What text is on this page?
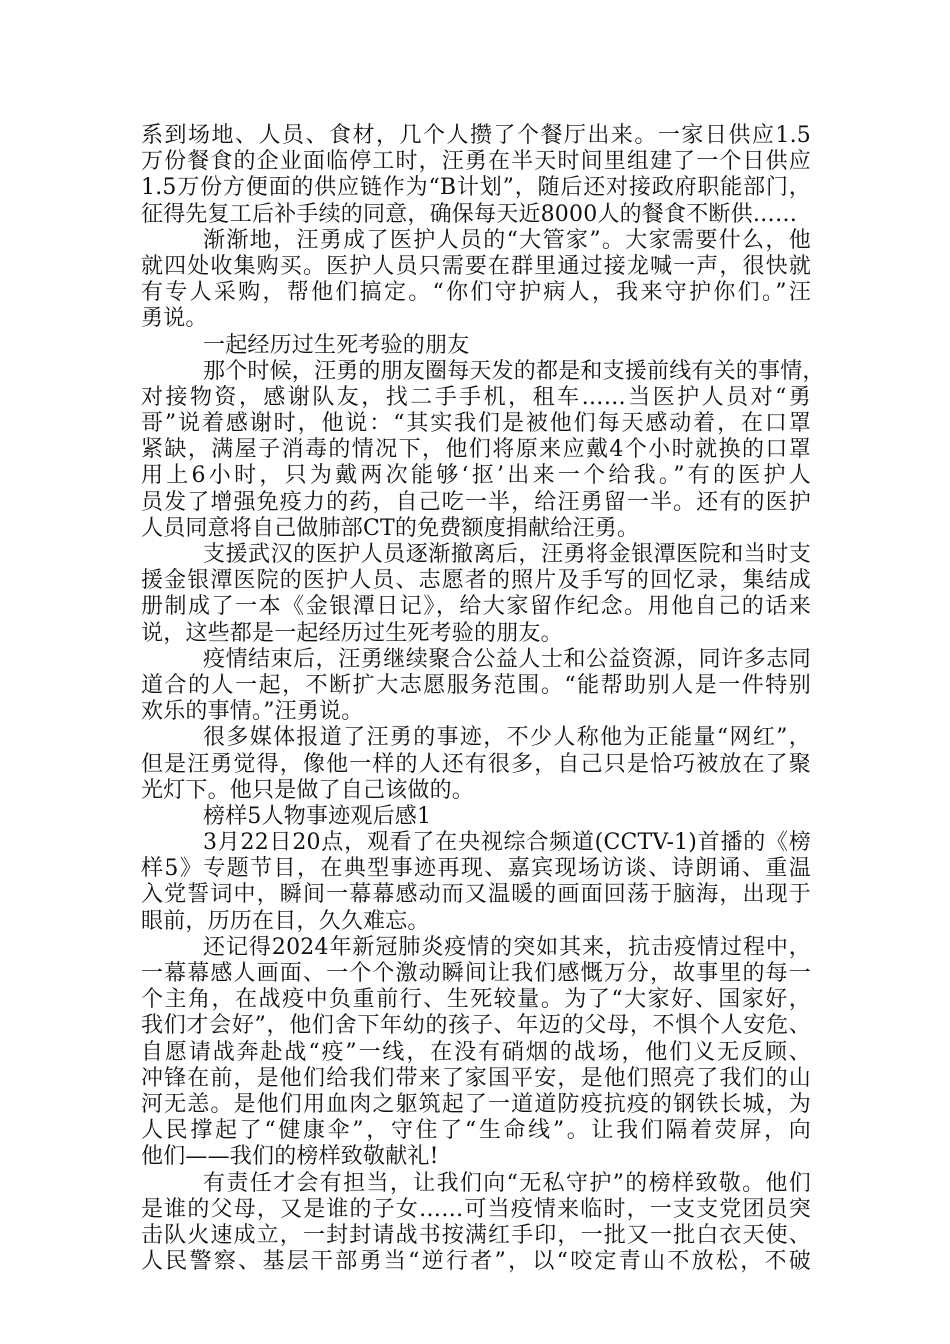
系到场地、人员、食材，几个人攒了个餐厅出来。一家日供应1.5
万份餐食的企业面临停工时，汪勇在半天时间里组建了一个日供应
1.5万份方便面的供应链作为“B计划”，随后还对接政府职能部门，
征得先复工后补手续的同意，确保每天近8000人的餐食不断供……
渐渐地，汪勇成了医护人员的“大管家”。大家需要什么，他
就四处收集购买。医护人员只需要在群里通过接龙喊一声，很快就
有专人采购，帮他们搞定。“你们守护病人，我来守护你们。”汪
勇说。
一起经历过生死考验的朋友
那个时候，汪勇的朋友圈每天发的都是和支援前线有关的事情，
对接物资，感谢队友，找二手手机，租车……当医护人员对“勇
哥”说着感谢时，他说：“其实我们是被他们每天感动着，在口罩
紧缺，满屋子消毒的情况下，他们将原来应戴4个小时就换的口罩
用上6小时，只为戴两次能够‘抠’出来一个给我。”有的医护人
员发了增强免疫力的药，自己吃一半，给汪勇留一半。还有的医护
人员同意将自己做肺部CT的免费额度捐献给汪勇。
支援武汉的医护人员逐渐撤离后，汪勇将金银潭医院和当时支
援金银潭医院的医护人员、志愿者的照片及手写的回忆录，集结成
册制成了一本《金银潭日记》，给大家留作纪念。用他自己的话来
说，这些都是一起经历过生死考验的朋友。
疫情结束后，汪勇继续聚合公益人士和公益资源，同许多志同
道合的人一起，不断扩大志愿服务范围。“能帮助别人是一件特别
欢乐的事情。”汪勇说。
很多媒体报道了汪勇的事迹，不少人称他为正能量“网红”，
但是汪勇觉得，像他一样的人还有很多，自己只是恰巧被放在了聚
光灯下。他只是做了自己该做的。
榜样5人物事迹观后感1
3月22日20点，观看了在央视综合频道(CCTV-1)首播的《榜
样5》专题节目，在典型事迹再现、嘉宾现场访谈、诗朗诵、重温
入党誓词中，瞬间一幕幕感动而又温暖的画面回荡于脑海，出现于
眼前，历历在目，久久难忘。
还记得2024年新冠肺炎疫情的突如其来，抗击疫情过程中，
一幕幕感人画面、一个个激动瞬间让我们感慨万分，故事里的每一
个主角，在战疫中负重前行、生死较量。为了“大家好、国家好，
我们才会好”，他们舍下年幼的孩子、年迈的父母，不惧个人安危、
自愿请战奔赴战“疫”一线，在没有硝烟的战场，他们义无反顾、
冲锋在前，是他们给我们带来了家国平安，是他们照亮了我们的山
河无恙。是他们用血肉之躯筑起了一道道防疫抗疫的钢铁长城，为
人民撑起了“健康伞”，守住了“生命线”。让我们隔着荧屏，向
他们——我们的榜样致敬献礼!
有责任才会有担当，让我们向“无私守护”的榜样致敬。他们
是谁的父母，又是谁的子女……可当疫情来临时，一支支党团员突
击队火速成立，一封封请战书按满红手印，一批又一批白衣天使、
人民警察、基层干部勇当“逆行者”，以“咬定青山不放松，不破
